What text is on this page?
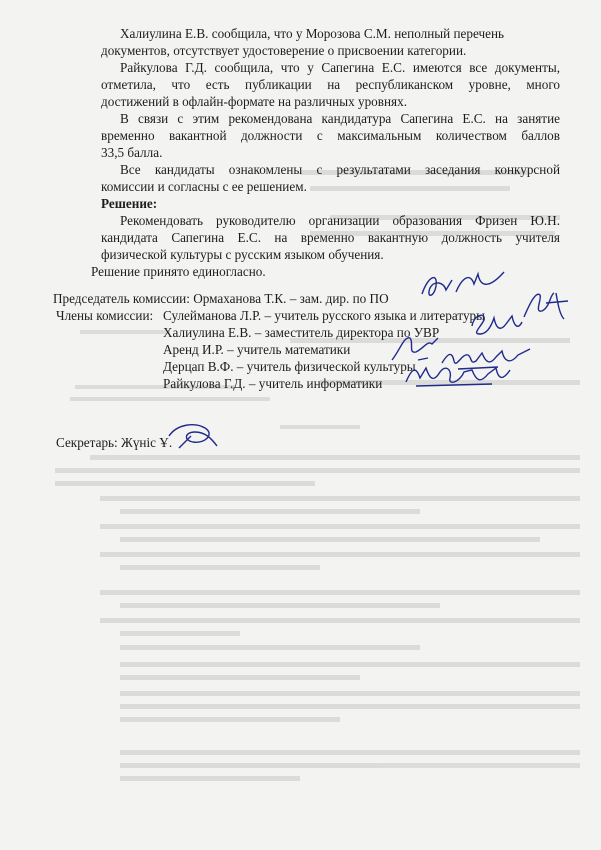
Халиулина Е.В. сообщила, что у Морозова С.М. неполный перечень
документов, отсутствует удостоверение о присвоении категории.
Райкулова Г.Д. сообщила, что у Сапегина Е.С. имеются все документы,
отметила, что есть публикации на республиканском уровне, много
достижений в офлайн-формате на различных уровнях.
В связи с этим рекомендована кандидатура Сапегина Е.С. на занятие
временно вакантной должности с максимальным количеством баллов
33,5 балла.
Все кандидаты ознакомлены с результатами заседания конкурсной
комиссии и согласны с ее решением.
Решение:
Рекомендовать руководителю организации образования Фризен Ю.Н.
кандидата Сапегина Е.С. на временно вакантную должность учителя
физической культуры с русским языком обучения.
Решение принято единогласно.
Председатель комиссии: Ормаханова Т.К. – зам. дир. по ПО
Члены комиссии: Сулейманова Л.Р. – учитель русского языка и литературы
Халиулина Е.В. – заместитель директора по УВР
Аренд И.Р. – учитель математики
Дерцап В.Ф. – учитель физической культуры
Райкулова Г.Д. – учитель информатики
Секретарь: Жүніс Ұ.
